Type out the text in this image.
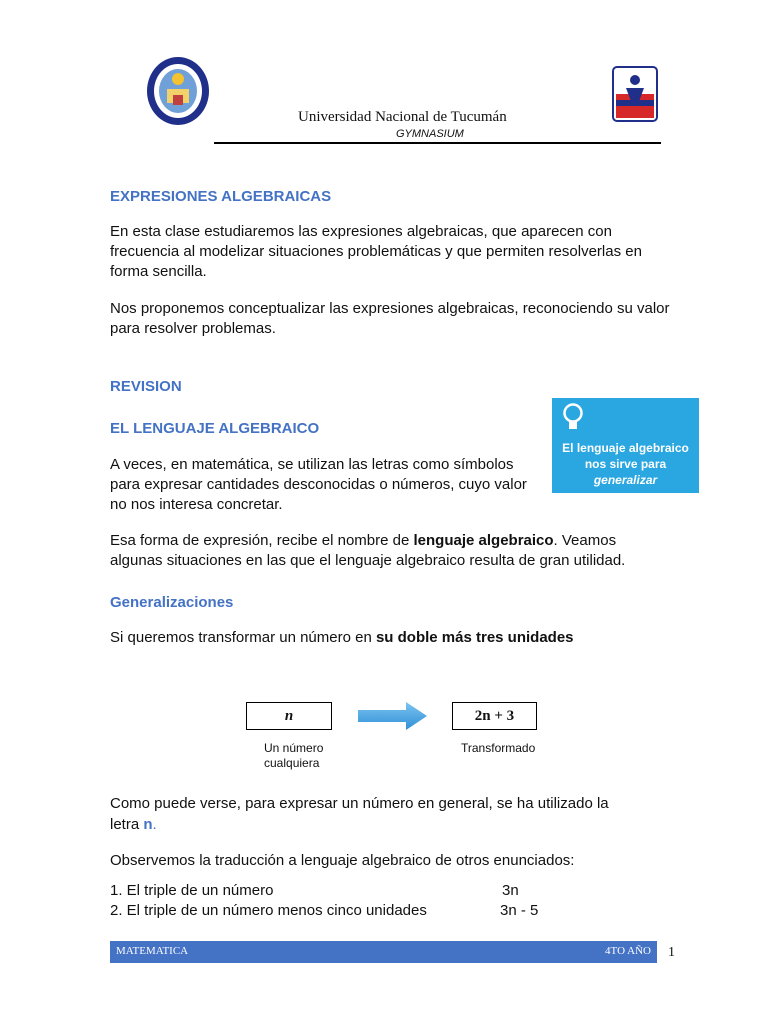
Universidad Nacional de Tucumán
GYMNASIUM
EXPRESIONES ALGEBRAICAS

En esta clase estudiaremos las expresiones algebraicas, que aparecen con frecuencia al modelizar situaciones problemáticas y que permiten resolverlas en forma sencilla.

Nos proponemos conceptualizar las expresiones algebraicas, reconociendo su valor para resolver problemas.

REVISION
EL LENGUAJE ALGEBRAICO
El lenguaje algebraico
nos sirve para
generalizar

A veces, en matemática, se utilizan las letras como símbolos para expresar cantidades desconocidas o números, cuyo valor no nos interesa concretar.

Esa forma de expresión, recibe el nombre de lenguaje algebraico. Veamos algunas situaciones en las que el lenguaje algebraico resulta de gran utilidad.

Generalizaciones

Si queremos transformar un número en su doble más tres unidades

n	2n + 3
Un número
cualquiera
Transformado

Como puede verse, para expresar un número en general, se ha utilizado la

letra n.

Observemos la traducción a lenguaje algebraico de otros enunciados:

1. El triple de un número	3n
2. El triple de un número menos cinco unidades	3n - 5
MATEMATICA	4TO AÑO 1
